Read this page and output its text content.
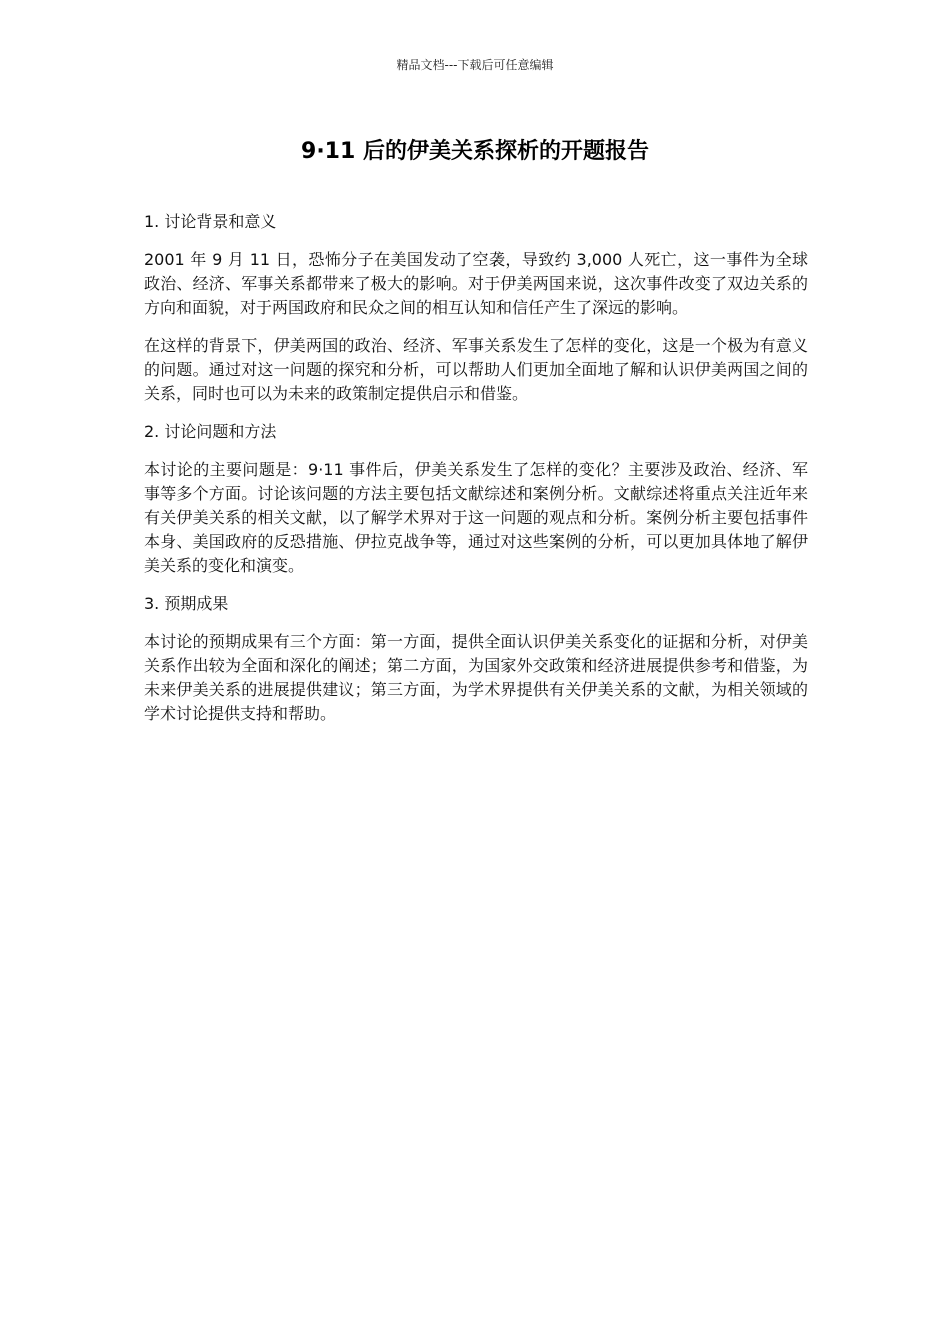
精品文档---下载后可任意编辑
9·11 后的伊美关系探析的开题报告

1. 讨论背景和意义

2001 年 9 月 11 日，恐怖分子在美国发动了空袭，导致约 3,000 人死亡，这一事件为全球政治、经济、军事关系都带来了极大的影响。对于伊美两国来说，这次事件改变了双边关系的方向和面貌，对于两国政府和民众之间的相互认知和信任产生了深远的影响。

在这样的背景下，伊美两国的政治、经济、军事关系发生了怎样的变化，这是一个极为有意义的问题。通过对这一问题的探究和分析，可以帮助人们更加全面地了解和认识伊美两国之间的关系，同时也可以为未来的政策制定提供启示和借鉴。

2. 讨论问题和方法

本讨论的主要问题是：9·11 事件后，伊美关系发生了怎样的变化？主要涉及政治、经济、军事等多个方面。讨论该问题的方法主要包括文献综述和案例分析。文献综述将重点关注近年来有关伊美关系的相关文献，以了解学术界对于这一问题的观点和分析。案例分析主要包括事件本身、美国政府的反恐措施、伊拉克战争等，通过对这些案例的分析，可以更加具体地了解伊美关系的变化和演变。

3. 预期成果

本讨论的预期成果有三个方面：第一方面，提供全面认识伊美关系变化的证据和分析，对伊美关系作出较为全面和深化的阐述；第二方面，为国家外交政策和经济进展提供参考和借鉴，为未来伊美关系的进展提供建议；第三方面，为学术界提供有关伊美关系的文献，为相关领域的学术讨论提供支持和帮助。
